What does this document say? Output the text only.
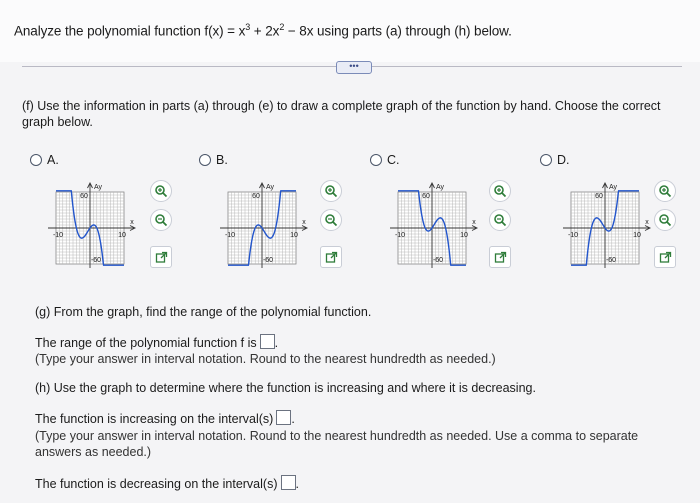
Analyze the polynomial function $f(x) = x^3 + 2x^2 - 8x$ using parts (a) through (h) below.
•••
(f) Use the information in parts (a) through (e) to draw a complete graph of the function by hand. Choose the correct graph below.
A.	B.	C.	D.
Ay
60
-60
-10	10
x
Ay
60
-60
-10	10
x
Ay
60
-60
-10	10
x
Ay
60
-60
-10	10
x
(g) From the graph, find the range of the polynomial function.
The range of the polynomial function f is .
(Type your answer in interval notation. Round to the nearest hundredth as needed.)
(h) Use the graph to determine where the function is increasing and where it is decreasing.
The function is increasing on the interval(s) .
(Type your answer in interval notation. Round to the nearest hundredth as needed. Use a comma to separate answers as needed.)
The function is decreasing on the interval(s) .
